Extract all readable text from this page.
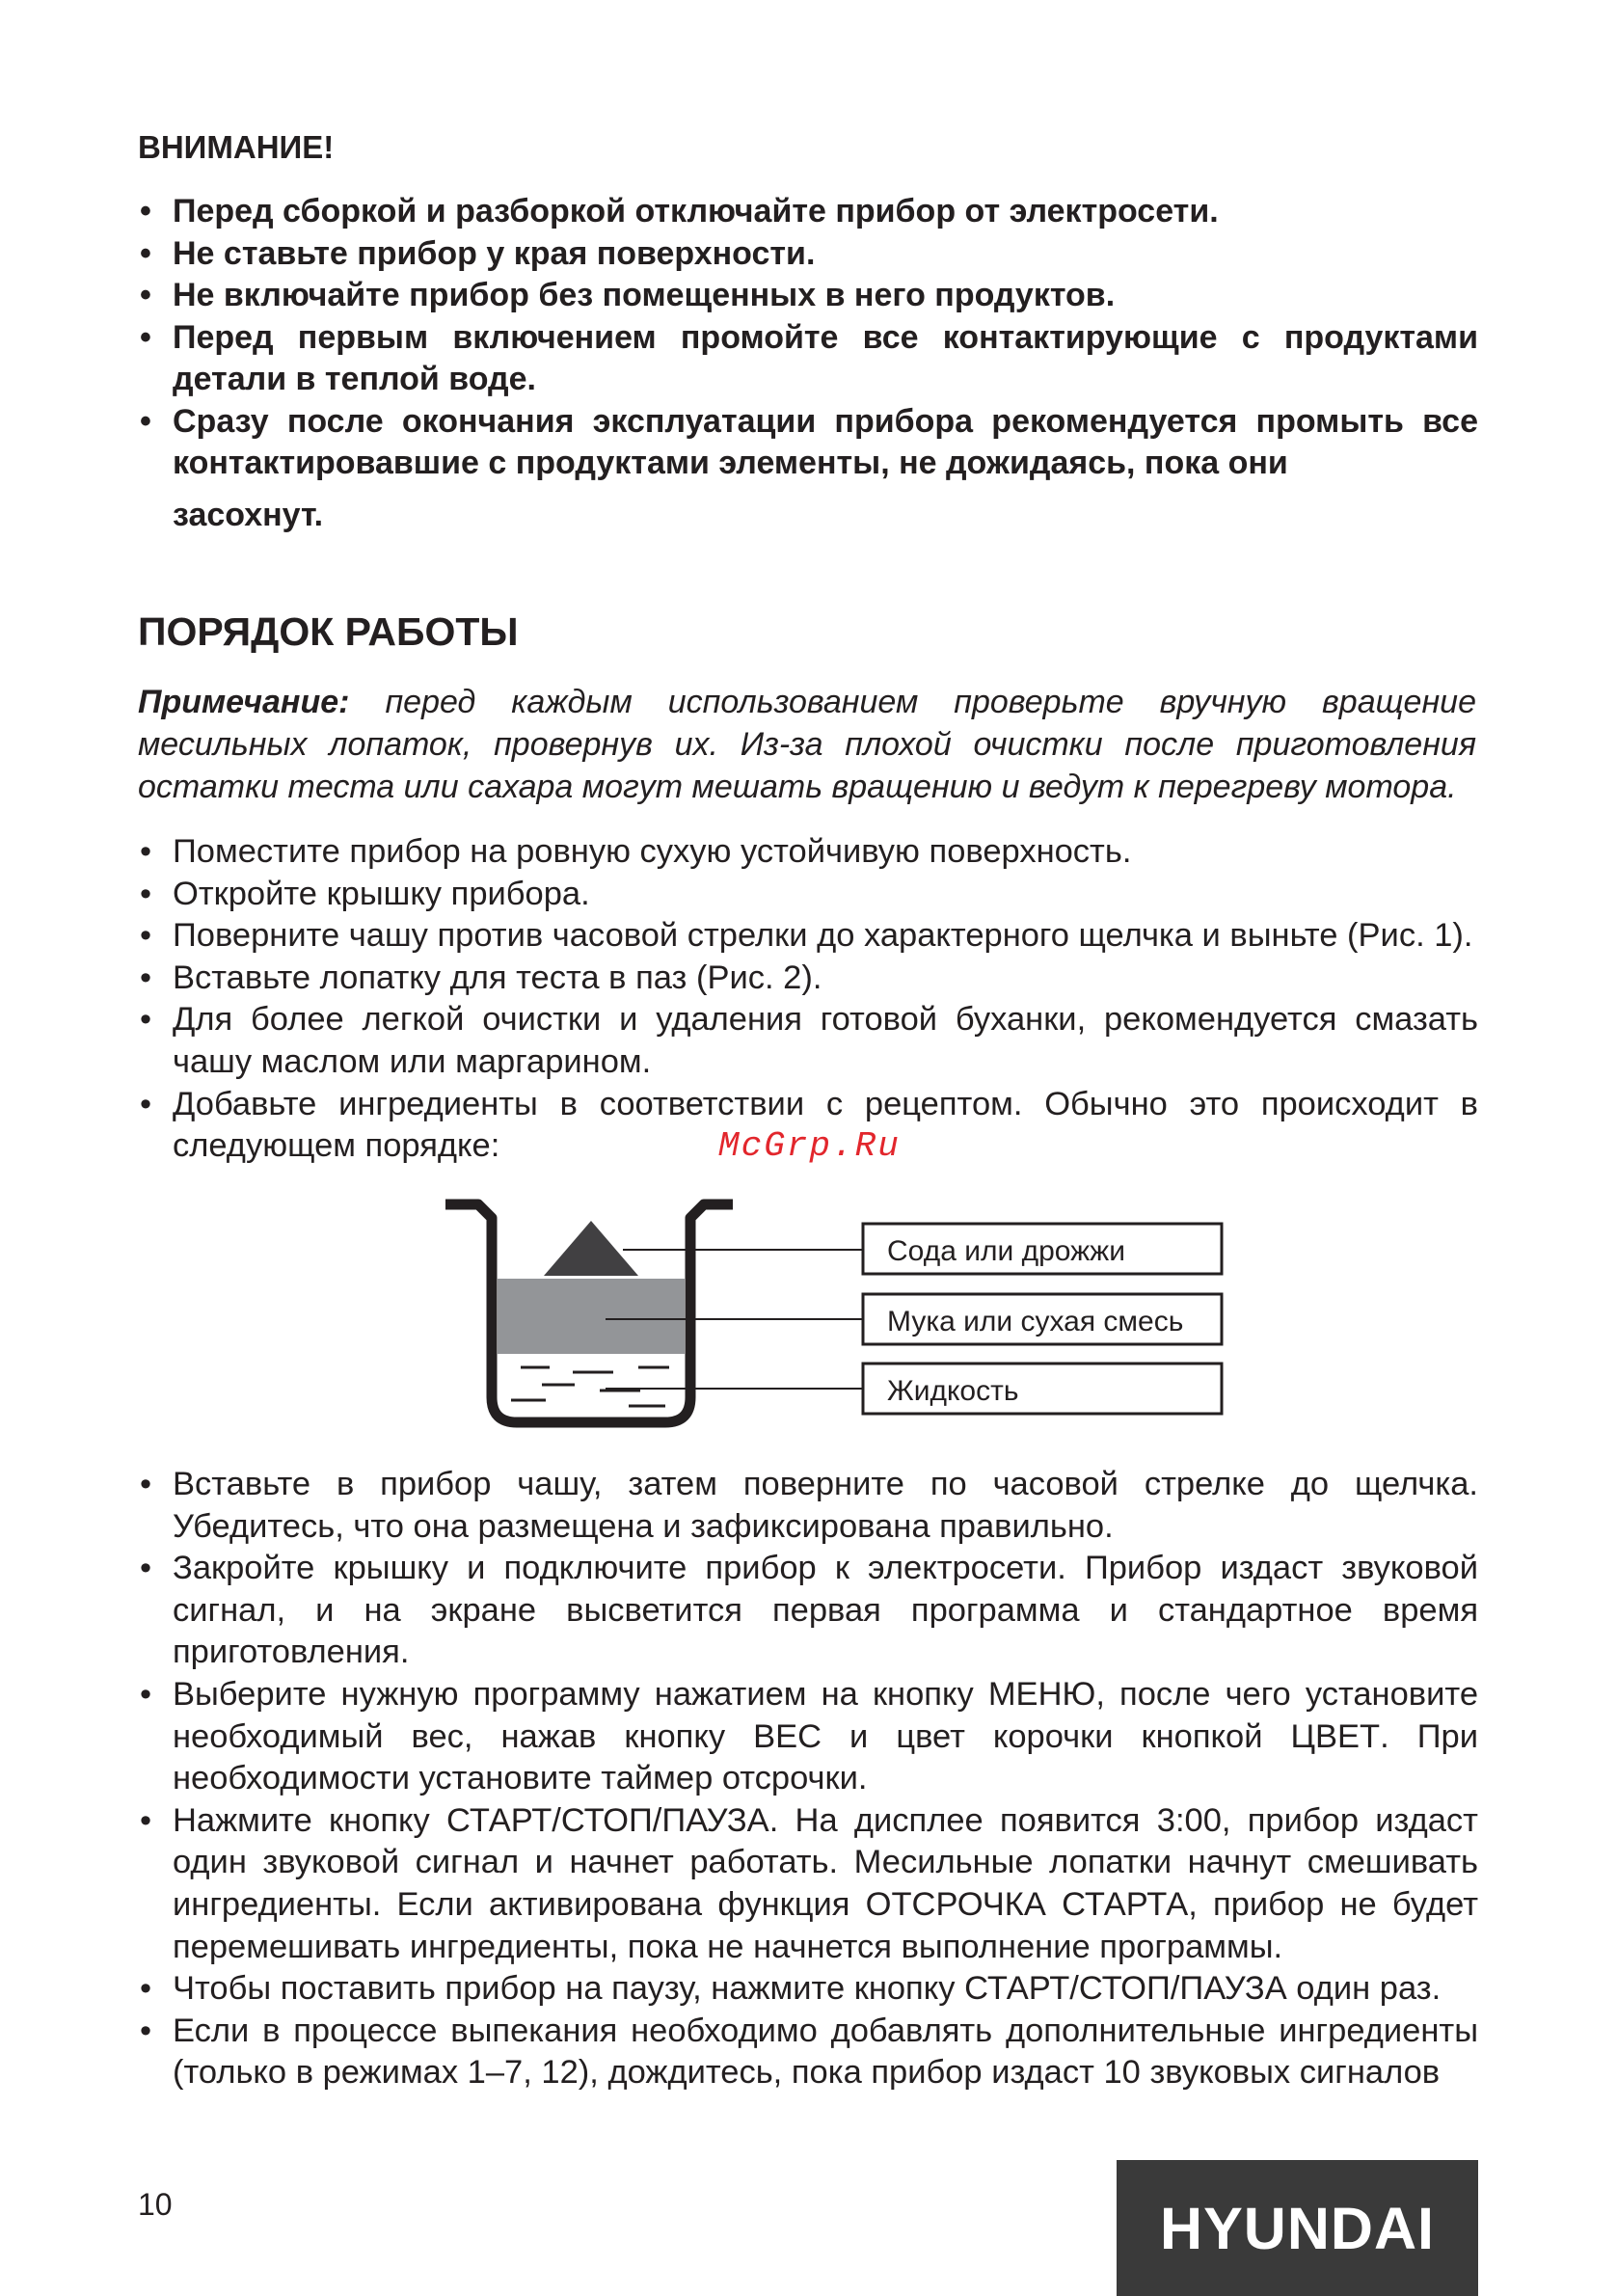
ВНИМАНИЕ!
• Перед сборкой и разборкой отключайте прибор от электросети.
• Не ставьте прибор у края поверхности.
• Не включайте прибор без помещенных в него продуктов.
• Перед первым включением промойте все контактирующие с продуктами детали в теплой воде.
• Сразу после окончания эксплуатации прибора рекомендуется промыть все контактировавшие с продуктами элементы, не дожидаясь, пока они
засохнут.
ПОРЯДОК РАБОТЫ
Примечание: перед каждым использованием проверьте вручную вращение месильных лопаток, провернув их. Из-за плохой очистки после приготовления остатки теста или сахара могут мешать вращению и ведут к перегреву мотора.
• Поместите прибор на ровную сухую устойчивую поверхность.
• Откройте крышку прибора.
• Поверните чашу против часовой стрелки до характерного щелчка и выньте (Рис. 1).
• Вставьте лопатку для теста в паз (Рис. 2).
• Для более легкой очистки и удаления готовой буханки, рекомендуется смазать чашу маслом или маргарином.
• Добавьте ингредиенты в соответствии с рецептом. Обычно это происходит в следующем порядке:	McGrp.Ru
Сода или дрожжи
Мука или сухая смесь
Жидкость
• Вставьте в прибор чашу, затем поверните по часовой стрелке до щелчка. Убедитесь, что она размещена и зафиксирована правильно.
• Закройте крышку и подключите прибор к электросети. Прибор издаст звуковой сигнал, и на экране высветится первая программа и стандартное время приготовления.
• Выберите нужную программу нажатием на кнопку МЕНЮ, после чего установите необходимый вес, нажав кнопку ВЕС и цвет корочки кнопкой ЦВЕТ. При необходимости установите таймер отсрочки.
• Нажмите кнопку СТАРТ/СТОП/ПАУЗА. На дисплее появится 3:00, прибор издаст один звуковой сигнал и начнет работать. Месильные лопатки начнут смешивать ингредиенты. Если активирована функция ОТСРОЧКА СТАРТА, прибор не будет перемешивать ингредиенты, пока не начнется выполнение программы.
• Чтобы поставить прибор на паузу, нажмите кнопку СТАРТ/СТОП/ПАУЗА один раз.
• Если в процессе выпекания необходимо добавлять дополнительные ингредиенты (только в режимах 1–7, 12), дождитесь, пока прибор издаст 10 звуковых сигналов
10	HYUNDAI
